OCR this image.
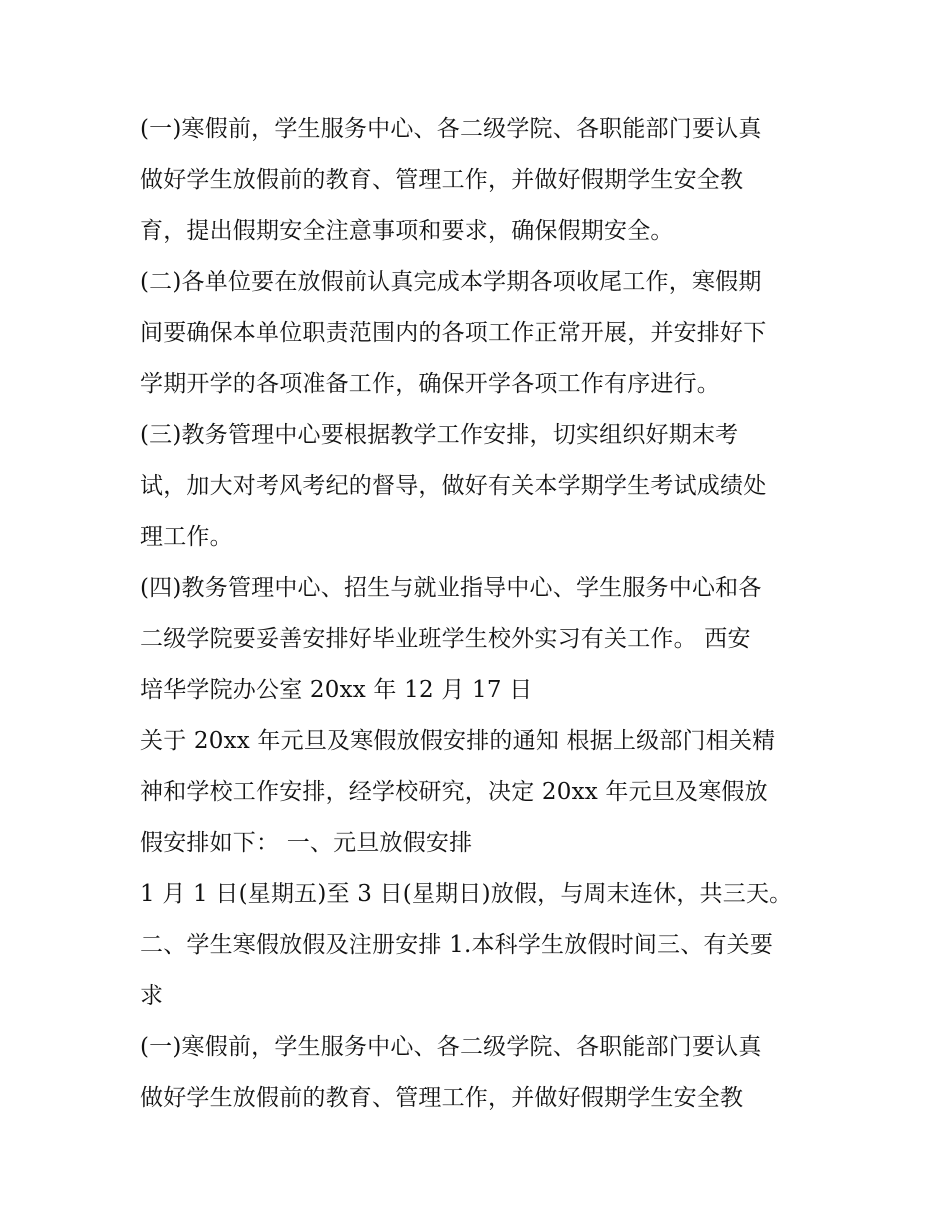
(一)寒假前，学生服务中心、各二级学院、各职能部门要认真
做好学生放假前的教育、管理工作，并做好假期学生安全教
育，提出假期安全注意事项和要求，确保假期安全。
(二)各单位要在放假前认真完成本学期各项收尾工作，寒假期
间要确保本单位职责范围内的各项工作正常开展，并安排好下
学期开学的各项准备工作，确保开学各项工作有序进行。
(三)教务管理中心要根据教学工作安排，切实组织好期末考
试，加大对考风考纪的督导，做好有关本学期学生考试成绩处
理工作。
(四)教务管理中心、招生与就业指导中心、学生服务中心和各
二级学院要妥善安排好毕业班学生校外实习有关工作。 西安
培华学院办公室 20xx 年 12 月 17 日
关于 20xx 年元旦及寒假放假安排的通知 根据上级部门相关精
神和学校工作安排，经学校研究，决定 20xx 年元旦及寒假放
假安排如下： 一、元旦放假安排
1 月 1 日(星期五)至 3 日(星期日)放假，与周末连休，共三天。
二、学生寒假放假及注册安排 1.本科学生放假时间三、有关要
求
(一)寒假前，学生服务中心、各二级学院、各职能部门要认真
做好学生放假前的教育、管理工作，并做好假期学生安全教
